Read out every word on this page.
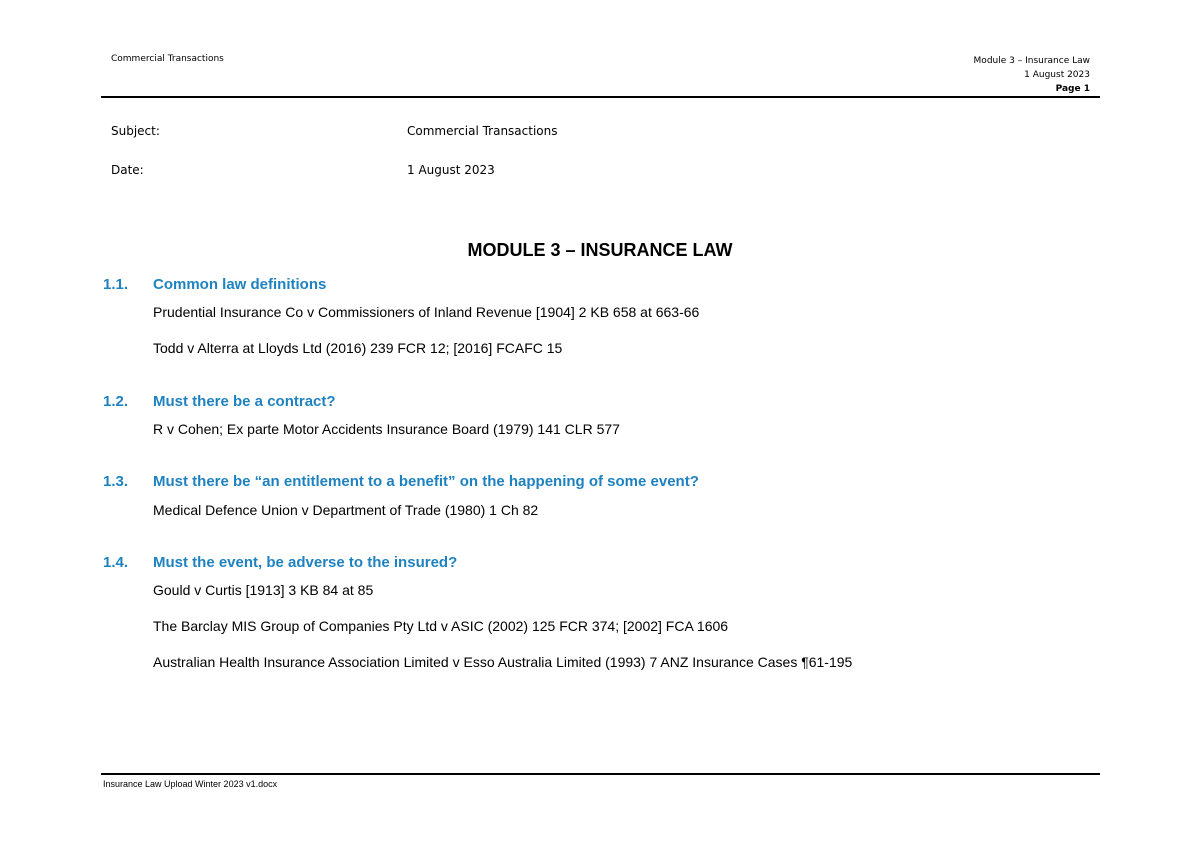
Commercial Transactions	Module 3 – Insurance Law
1 August 2023
Page 1
Subject:	Commercial Transactions
Date:	1 August 2023
MODULE 3 – INSURANCE LAW
1.1. Common law definitions
Prudential Insurance Co v Commissioners of Inland Revenue [1904] 2 KB 658 at 663-66
Todd v Alterra at Lloyds Ltd (2016) 239 FCR 12; [2016] FCAFC 15
1.2. Must there be a contract?
R v Cohen; Ex parte Motor Accidents Insurance Board (1979) 141 CLR 577
1.3. Must there be “an entitlement to a benefit” on the happening of some event?
Medical Defence Union v Department of Trade (1980) 1 Ch 82
1.4. Must the event, be adverse to the insured?
Gould v Curtis [1913] 3 KB 84 at 85
The Barclay MIS Group of Companies Pty Ltd v ASIC (2002) 125 FCR 374; [2002] FCA 1606
Australian Health Insurance Association Limited v Esso Australia Limited (1993) 7 ANZ Insurance Cases ¶61-195
Insurance Law Upload Winter 2023 v1.docx
